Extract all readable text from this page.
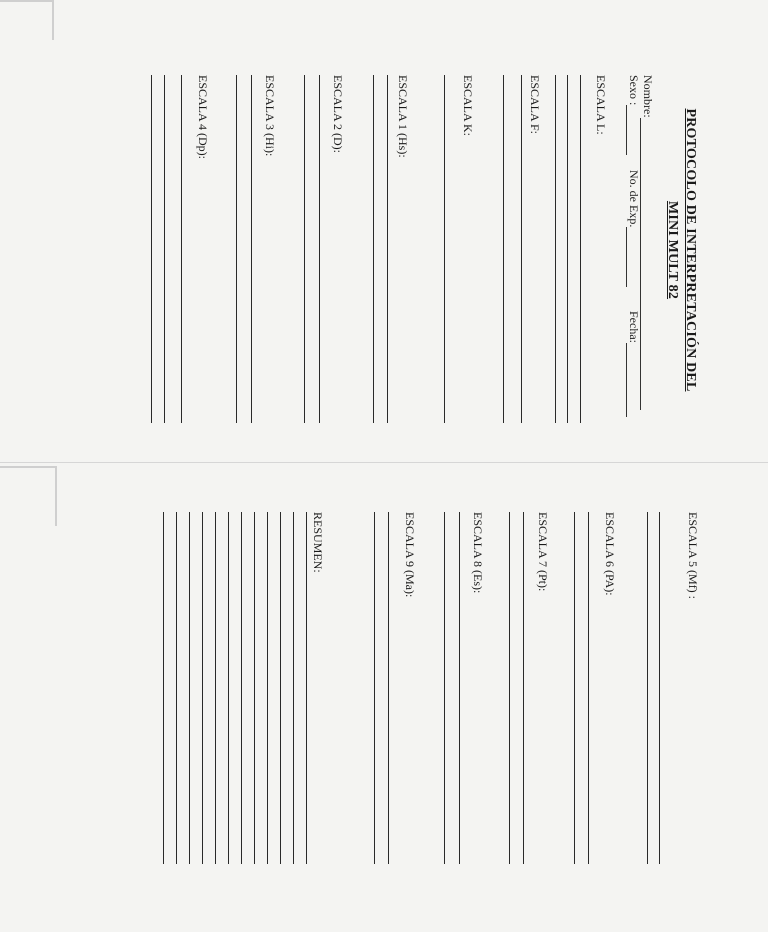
PROTOCOLO DE INTERPRETACIÓN DEL
MINI MULT 82
Nombre:
Sexo :
No. de Exp.
Fecha:
ESCALA L:
ESCALA F:
ESCALA K:
ESCALA 1 (Hs):
ESCALA 2 (D):
ESCALA 3 (Hi):
ESCALA 4 (Dp):
ESCALA 5 (Mf) :
ESCALA 6 (PA):
ESCALA 7 (Pt):
ESCALA 8 (Es):
ESCALA 9 (Ma):
RESUMEN:
